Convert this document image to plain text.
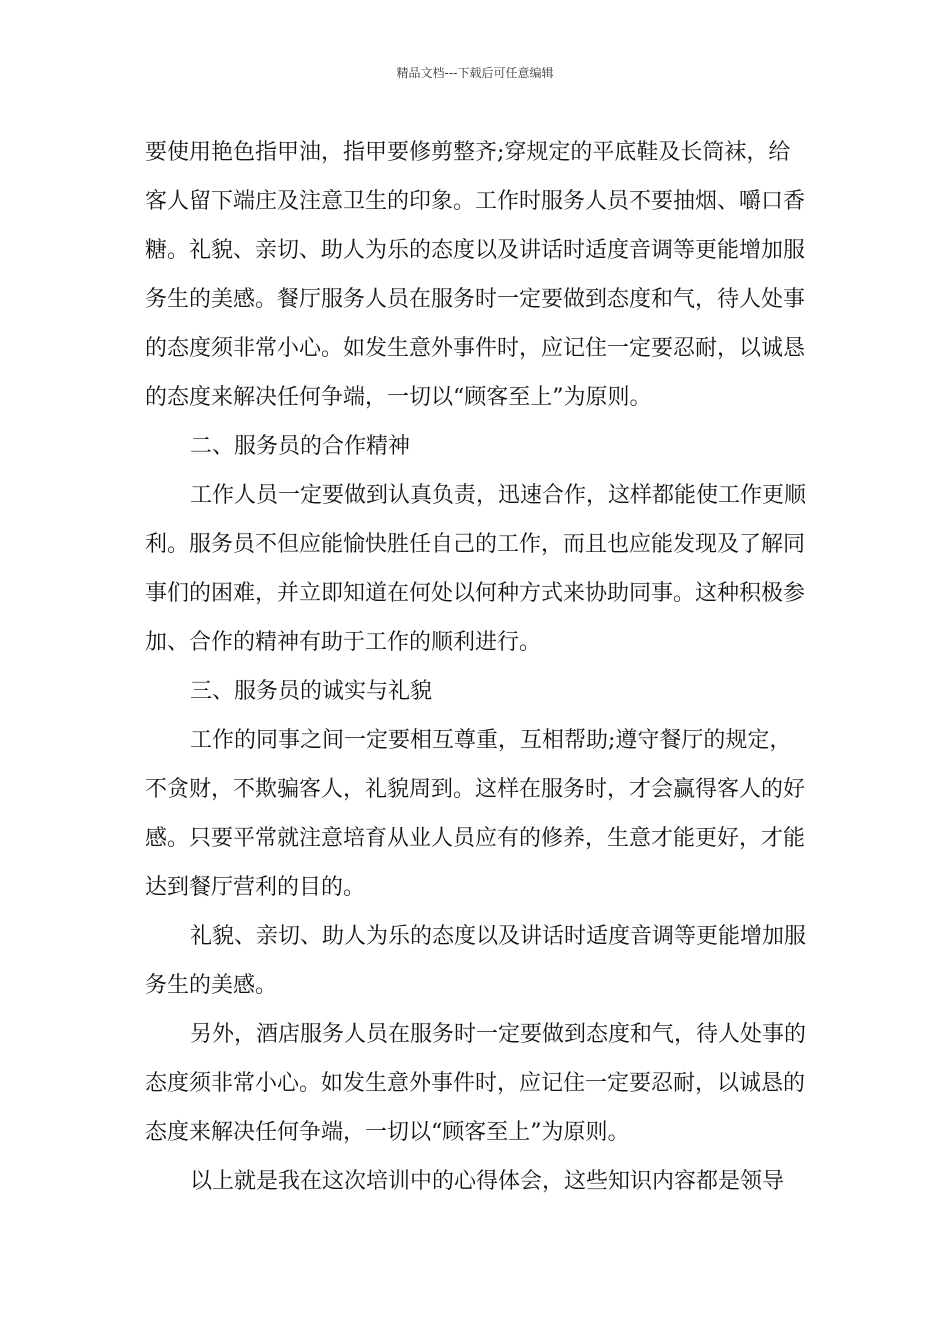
精品文档---下载后可任意编辑

要使用艳色指甲油，指甲要修剪整齐;穿规定的平底鞋及长筒袜，给客人留下端庄及注意卫生的印象。工作时服务人员不要抽烟、嚼口香糖。礼貌、亲切、助人为乐的态度以及讲话时适度音调等更能增加服务生的美感。餐厅服务人员在服务时一定要做到态度和气，待人处事的态度须非常小心。如发生意外事件时，应记住一定要忍耐，以诚恳的态度来解决任何争端，一切以“顾客至上”为原则。

二、服务员的合作精神

工作人员一定要做到认真负责，迅速合作，这样都能使工作更顺利。服务员不但应能愉快胜任自己的工作，而且也应能发现及了解同事们的困难，并立即知道在何处以何种方式来协助同事。这种积极参加、合作的精神有助于工作的顺利进行。

三、服务员的诚实与礼貌

工作的同事之间一定要相互尊重，互相帮助;遵守餐厅的规定，不贪财，不欺骗客人，礼貌周到。这样在服务时，才会赢得客人的好感。只要平常就注意培育从业人员应有的修养，生意才能更好，才能达到餐厅营利的目的。

礼貌、亲切、助人为乐的态度以及讲话时适度音调等更能增加服务生的美感。

另外，酒店服务人员在服务时一定要做到态度和气，待人处事的态度须非常小心。如发生意外事件时，应记住一定要忍耐，以诚恳的态度来解决任何争端，一切以“顾客至上”为原则。

以上就是我在这次培训中的心得体会，这些知识内容都是领导
